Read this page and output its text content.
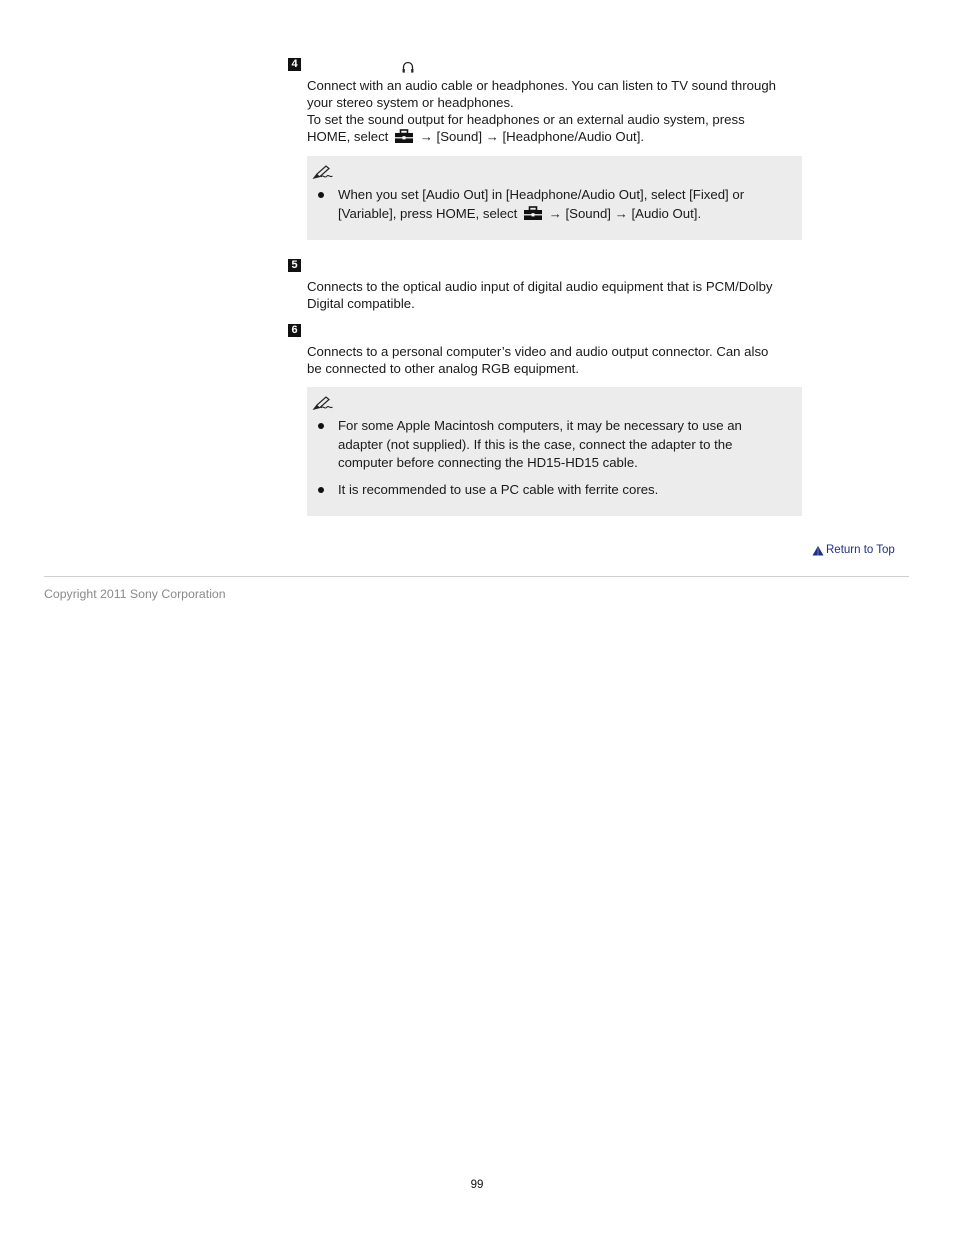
4

Connect with an audio cable or headphones. You can listen to TV sound through
your stereo system or headphones.
To set the sound output for headphones or an external audio system, press
HOME, select → [Sound] → [Headphone/Audio Out].

When you set [Audio Out] in [Headphone/Audio Out], select [Fixed] or
[Variable], press HOME, select → [Sound] → [Audio Out].
5

Connects to the optical audio input of digital audio equipment that is PCM/Dolby
Digital compatible.

6

Connects to a personal computer’s video and audio output connector. Can also
be connected to other analog RGB equipment.

For some Apple Macintosh computers, it may be necessary to use an
adapter (not supplied). If this is the case, connect the adapter to the
computer before connecting the HD15-HD15 cable.
It is recommended to use a PC cable with ferrite cores.
Return to Top
Copyright 2011 Sony Corporation
99
